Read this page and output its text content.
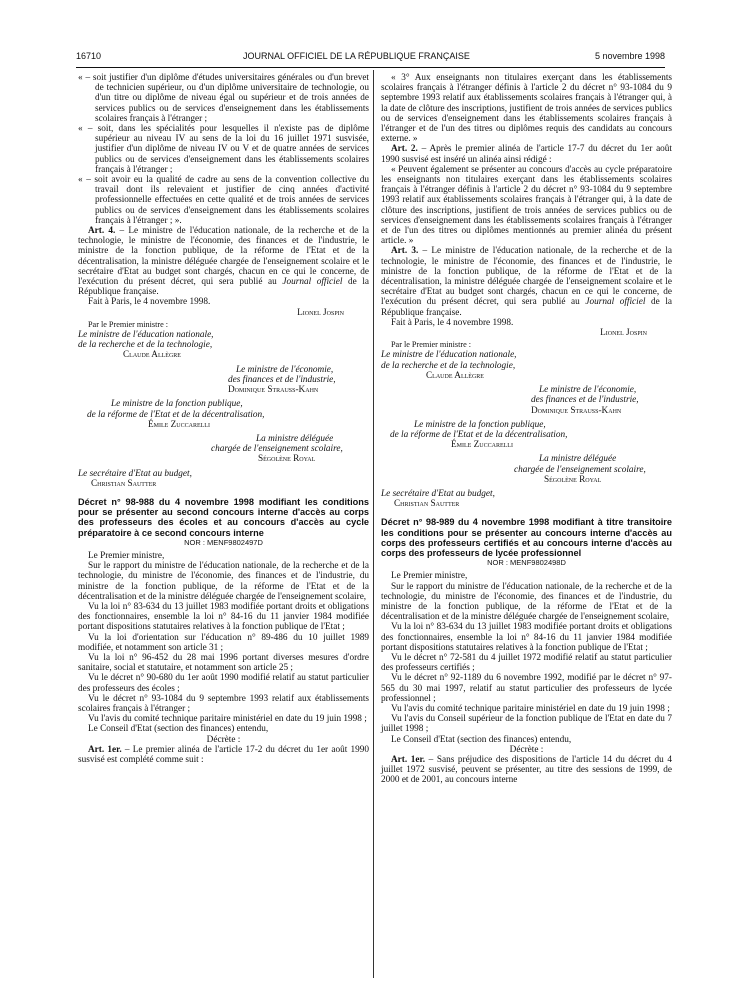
16710	JOURNAL OFFICIEL DE LA RÉPUBLIQUE FRANÇAISE	5 novembre 1998

« – soit justifier d'un diplôme d'études universitaires générales ou d'un brevet de technicien supérieur, ou d'un diplôme universitaire de technologie, ou d'un titre ou diplôme de niveau égal ou supérieur et de trois années de services publics ou de services d'enseignement dans les établissements scolaires français à l'étranger ;

« – soit, dans les spécialités pour lesquelles il n'existe pas de diplôme supérieur au niveau IV au sens de la loi du 16 juillet 1971 susvisée, justifier d'un diplôme de niveau IV ou V et de quatre années de services publics ou de services d'enseignement dans les établissements scolaires français à l'étranger ;

« – soit avoir eu la qualité de cadre au sens de la convention collective du travail dont ils relevaient et justifier de cinq années d'activité professionnelle effectuées en cette qualité et de trois années de services publics ou de services d'enseignement dans les établissements scolaires français à l'étranger ; ».

Art. 4. – Le ministre de l'éducation nationale, de la recherche et de la technologie, le ministre de l'économie, des finances et de l'industrie, le ministre de la fonction publique, de la réforme de l'Etat et de la décentralisation, la ministre déléguée chargée de l'enseignement scolaire et le secrétaire d'Etat au budget sont chargés, chacun en ce qui le concerne, de l'exécution du présent décret, qui sera publié au Journal officiel de la République française.

Fait à Paris, le 4 novembre 1998.

Lionel Jospin

Par le Premier ministre :

Le ministre de l'éducation nationale,

de la recherche et de la technologie,

Claude Allègre

Le ministre de l'économie,

des finances et de l'industrie,

Dominique Strauss-Kahn

Le ministre de la fonction publique,

de la réforme de l'Etat et de la décentralisation,

Émile Zuccarelli

La ministre déléguée

chargée de l'enseignement scolaire,

Ségolène Royal

Le secrétaire d'Etat au budget,

Christian Sautter

Décret n° 98-988 du 4 novembre 1998 modifiant les conditions pour se présenter au second concours interne d'accès au corps des professeurs des écoles et au concours d'accès au cycle préparatoire à ce second concours interne

NOR : MENF9802497D

Le Premier ministre,

Sur le rapport du ministre de l'éducation nationale, de la recherche et de la technologie, du ministre de l'économie, des finances et de l'industrie, du ministre de la fonction publique, de la réforme de l'Etat et de la décentralisation et de la ministre déléguée chargée de l'enseignement scolaire,

Vu la loi n° 83-634 du 13 juillet 1983 modifiée portant droits et obligations des fonctionnaires, ensemble la loi n° 84-16 du 11 janvier 1984 modifiée portant dispositions statutaires relatives à la fonction publique de l'Etat ;

Vu la loi d'orientation sur l'éducation n° 89-486 du 10 juillet 1989 modifiée, et notamment son article 31 ;

Vu la loi n° 96-452 du 28 mai 1996 portant diverses mesures d'ordre sanitaire, social et statutaire, et notamment son article 25 ;

Vu le décret n° 90-680 du 1er août 1990 modifié relatif au statut particulier des professeurs des écoles ;

Vu le décret n° 93-1084 du 9 septembre 1993 relatif aux établissements scolaires français à l'étranger ;

Vu l'avis du comité technique paritaire ministériel en date du 19 juin 1998 ;

Le Conseil d'Etat (section des finances) entendu,

Décrète :

Art. 1er. – Le premier alinéa de l'article 17-2 du décret du 1er août 1990 susvisé est complété comme suit :

« 3° Aux enseignants non titulaires exerçant dans les établissements scolaires français à l'étranger définis à l'article 2 du décret n° 93-1084 du 9 septembre 1993 relatif aux établissements scolaires français à l'étranger qui, à la date de clôture des inscriptions, justifient de trois années de services publics ou de services d'enseignement dans les établissements scolaires français à l'étranger et de l'un des titres ou diplômes requis des candidats au concours externe. »

Art. 2. – Après le premier alinéa de l'article 17-7 du décret du 1er août 1990 susvisé est inséré un alinéa ainsi rédigé :

« Peuvent également se présenter au concours d'accès au cycle préparatoire les enseignants non titulaires exerçant dans les établissements scolaires français à l'étranger définis à l'article 2 du décret n° 93-1084 du 9 septembre 1993 relatif aux établissements scolaires français à l'étranger qui, à la date de clôture des inscriptions, justifient de trois années de services publics ou de services d'enseignement dans les établissements scolaires français à l'étranger et de l'un des titres ou diplômes mentionnés au premier alinéa du présent article. »

Art. 3. – Le ministre de l'éducation nationale, de la recherche et de la technologie, le ministre de l'économie, des finances et de l'industrie, le ministre de la fonction publique, de la réforme de l'Etat et de la décentralisation, la ministre déléguée chargée de l'enseignement scolaire et le secrétaire d'Etat au budget sont chargés, chacun en ce qui le concerne, de l'exécution du présent décret, qui sera publié au Journal officiel de la République française.

Fait à Paris, le 4 novembre 1998.

Lionel Jospin

Par le Premier ministre :

Le ministre de l'éducation nationale,

de la recherche et de la technologie,

Claude Allègre

Le ministre de l'économie,

des finances et de l'industrie,

Dominique Strauss-Kahn

Le ministre de la fonction publique,

de la réforme de l'Etat et de la décentralisation,

Émile Zuccarelli

La ministre déléguée

chargée de l'enseignement scolaire,

Ségolène Royal

Le secrétaire d'Etat au budget,

Christian Sautter

Décret n° 98-989 du 4 novembre 1998 modifiant à titre transitoire les conditions pour se présenter au concours interne d'accès au corps des professeurs certifiés et au concours interne d'accès au corps des professeurs de lycée professionnel

NOR : MENF9802498D

Le Premier ministre,

Sur le rapport du ministre de l'éducation nationale, de la recherche et de la technologie, du ministre de l'économie, des finances et de l'industrie, du ministre de la fonction publique, de la réforme de l'Etat et de la décentralisation et de la ministre déléguée chargée de l'enseignement scolaire,

Vu la loi n° 83-634 du 13 juillet 1983 modifiée portant droits et obligations des fonctionnaires, ensemble la loi n° 84-16 du 11 janvier 1984 modifiée portant dispositions statutaires relatives à la fonction publique de l'Etat ;

Vu le décret n° 72-581 du 4 juillet 1972 modifié relatif au statut particulier des professeurs certifiés ;

Vu le décret n° 92-1189 du 6 novembre 1992, modifié par le décret n° 97-565 du 30 mai 1997, relatif au statut particulier des professeurs de lycée professionnel ;

Vu l'avis du comité technique paritaire ministériel en date du 19 juin 1998 ;

Vu l'avis du Conseil supérieur de la fonction publique de l'Etat en date du 7 juillet 1998 ;

Le Conseil d'Etat (section des finances) entendu,

Décrète :

Art. 1er. – Sans préjudice des dispositions de l'article 14 du décret du 4 juillet 1972 susvisé, peuvent se présenter, au titre des sessions de 1999, de 2000 et de 2001, au concours interne
